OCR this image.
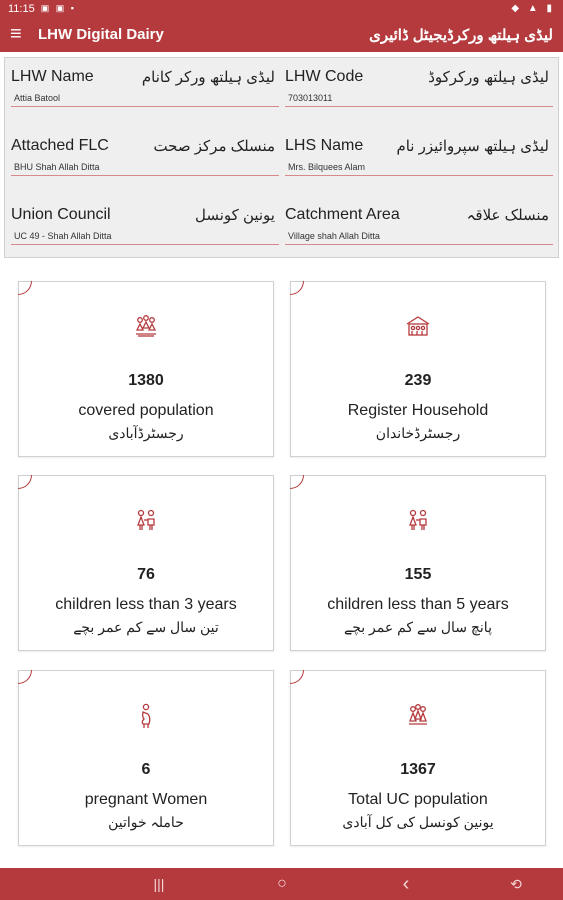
11:15 ▣ ▣ ▪	◆ ▲ ▮
≡	LHW Digital Dairy	لیڈی ہیلتھ ورکرڈیجیٹل ڈائیری
LHW Name	لیڈی ہیلتھ ورکر کانام
Attia Batool
LHW Code	لیڈی ہیلتھ ورکرکوڈ
703013011
Attached FLC	منسلک مرکز صحت
BHU Shah Allah Ditta
LHS Name لیڈی ہیلتھ سپروائیزر نام
Mrs. Bilquees Alam
Union Council	یونین کونسل
UC 49 - Shah Allah Ditta
Catchment Area	منسلک علاقہ
Village shah Allah Ditta
1380
covered population
رجسٹرڈآبادی
239
Register Household
رجسٹرڈخاندان
76
children less than 3 years
تین سال سے کم عمر بچے
155
children less than 5 years
پانچ سال سے کم عمر بچے
6
pregnant Women
حاملہ خواتین
1367
Total UC population
یونین کونسل کی کل آبادی
|||	○	‹	⟲
